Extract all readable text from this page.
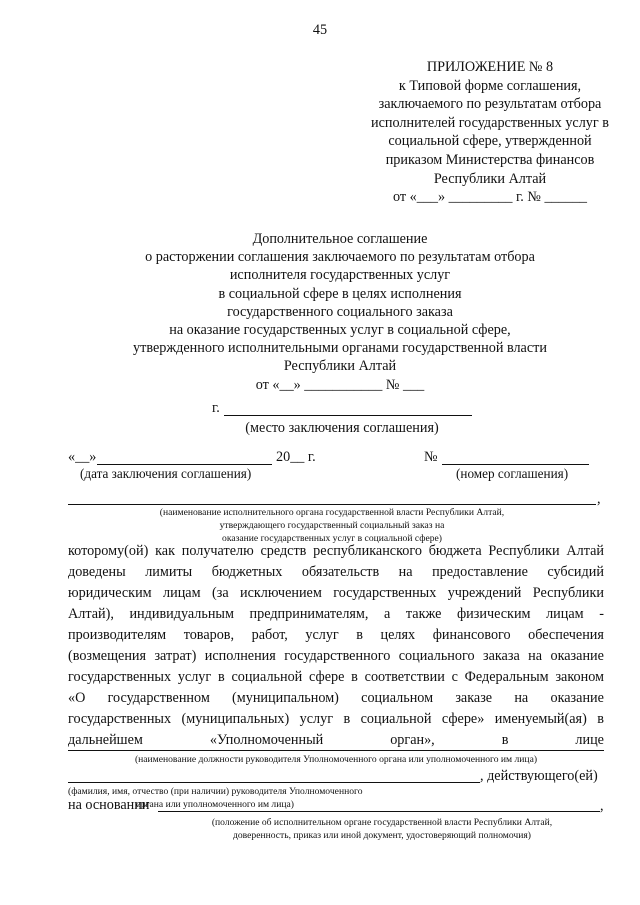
45
ПРИЛОЖЕНИЕ № 8
к Типовой форме соглашения,
заключаемого по результатам отбора
исполнителей государственных услуг в
социальной сфере, утвержденной
приказом Министерства финансов
Республики Алтай
от «___» _________ г. № ______
Дополнительное соглашение
о расторжении соглашения заключаемого по результатам отбора
исполнителя государственных услуг
в социальной сфере в целях исполнения
государственного социального заказа
на оказание государственных услуг в социальной сфере,
утвержденного исполнительными органами государственной власти
Республики Алтай
от «__» ___________ № ___
г.
(место заключения соглашения)
«__»	20__ г.	№
(дата заключения соглашения)	(номер соглашения)
,
(наименование исполнительного органа государственной власти Республики Алтай,
утверждающего государственный социальный заказ на
оказание государственных услуг в социальной сфере)
которому(ой) как получателю средств республиканского бюджета Республики Алтай
доведены лимиты бюджетных обязательств на предоставление субсидий
юридическим лицам (за исключением государственных учреждений Республики
Алтай), индивидуальным предпринимателям, а также физическим лицам -
производителям товаров, работ, услуг в целях финансового обеспечения
(возмещения затрат) исполнения государственного социального заказа на оказание
государственных услуг в социальной сфере в соответствии с Федеральным законом
«О государственном (муниципальном) социальном заказе на оказание
государственных (муниципальных) услуг в социальной сфере» именуемый(ая) в
дальнейшем	«Уполномоченный	орган»,	в	лице
(наименование должности руководителя Уполномоченного органа или уполномоченного им лица)
, действующего(ей)
(фамилия, имя, отчество (при наличии) руководителя Уполномоченного
органа или уполномоченного им лица)
на основании	,
(положение об исполнительном органе государственной власти Республики Алтай,
доверенность, приказ или иной документ, удостоверяющий полномочия)
